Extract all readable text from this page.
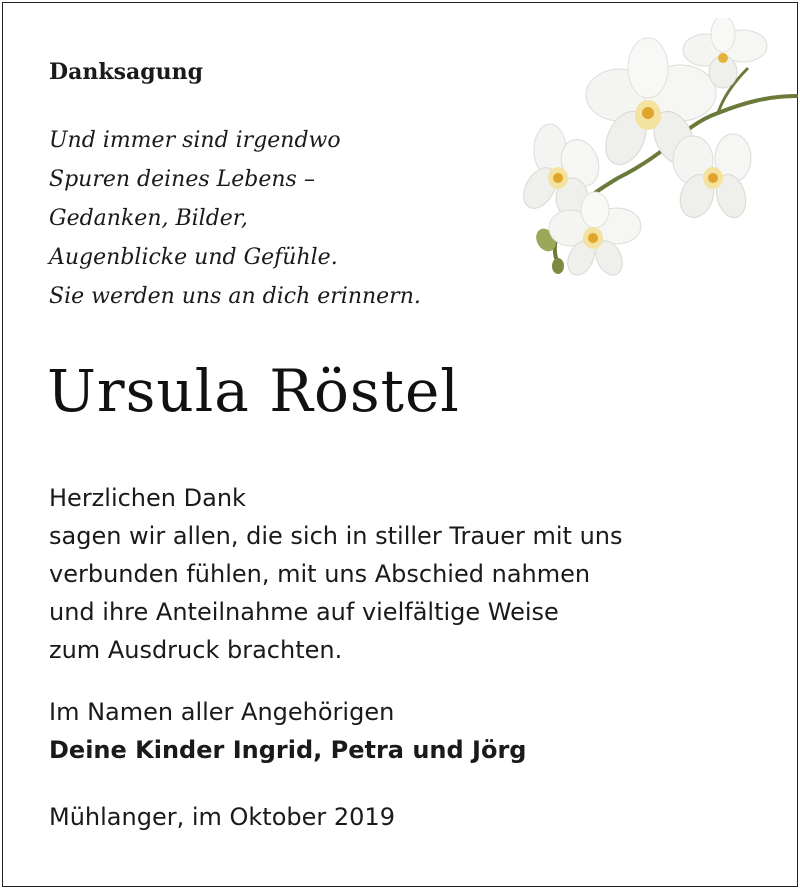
Danksagung
Und immer sind irgendwo
Spuren deines Lebens –
Gedanken, Bilder,
Augenblicke und Gefühle.
Sie werden uns an dich erinnern.
Ursula Röstel
Herzlichen Dank
sagen wir allen, die sich in stiller Trauer mit uns
verbunden fühlen, mit uns Abschied nahmen
und ihre Anteilnahme auf vielfältige Weise
zum Ausdruck brachten.
Im Namen aller Angehörigen
Deine Kinder Ingrid, Petra und Jörg
Mühlanger, im Oktober 2019
